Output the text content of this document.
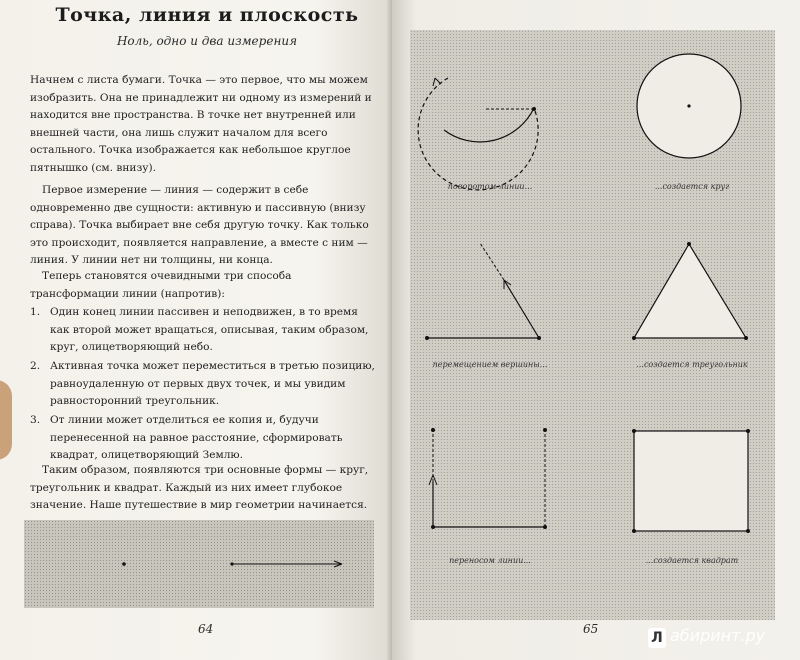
Точка, линия и плоскость
Ноль, одно и два измерения

Начнем с листа бумаги. Точка — это первое, что мы можем изобразить. Она не принадлежит ни одному из измерений и находится вне пространства. В точке нет внутренней или внешней части, она лишь служит началом для всего остального. Точка изображается как небольшое круглое пятнышко (см. внизу).

Первое измерение — линия — содержит в себе одновременно две сущности: активную и пассивную (внизу справа). Точка выбирает вне себя другую точку. Как только это происходит, появляется направление, а вместе с ним — линия. У линии нет ни толщины, ни конца.

Теперь становятся очевидными три способа трансформации линии (напротив):

1. Один конец линии пассивен и неподвижен, в то время как второй может вращаться, описывая, таким образом, круг, олицетворяющий небо.
2. Активная точка может переместиться в третью позицию, равноудаленную от первых двух точек, и мы увидим равносторонний треугольник.
3. От линии может отделиться ее копия и, будучи перенесенной на равное расстояние, сформировать квадрат, олицетворяющий Землю.

Таким образом, появляются три основные формы — круг, треугольник и квадрат. Каждый из них имеет глубокое значение. Наше путешествие в мир геометрии начинается.

64
поворотом линии...	...создается круг
перемещением вершины...	...создается треугольник
переносом линии...	...создается квадрат
65
Л абиринт.ру
